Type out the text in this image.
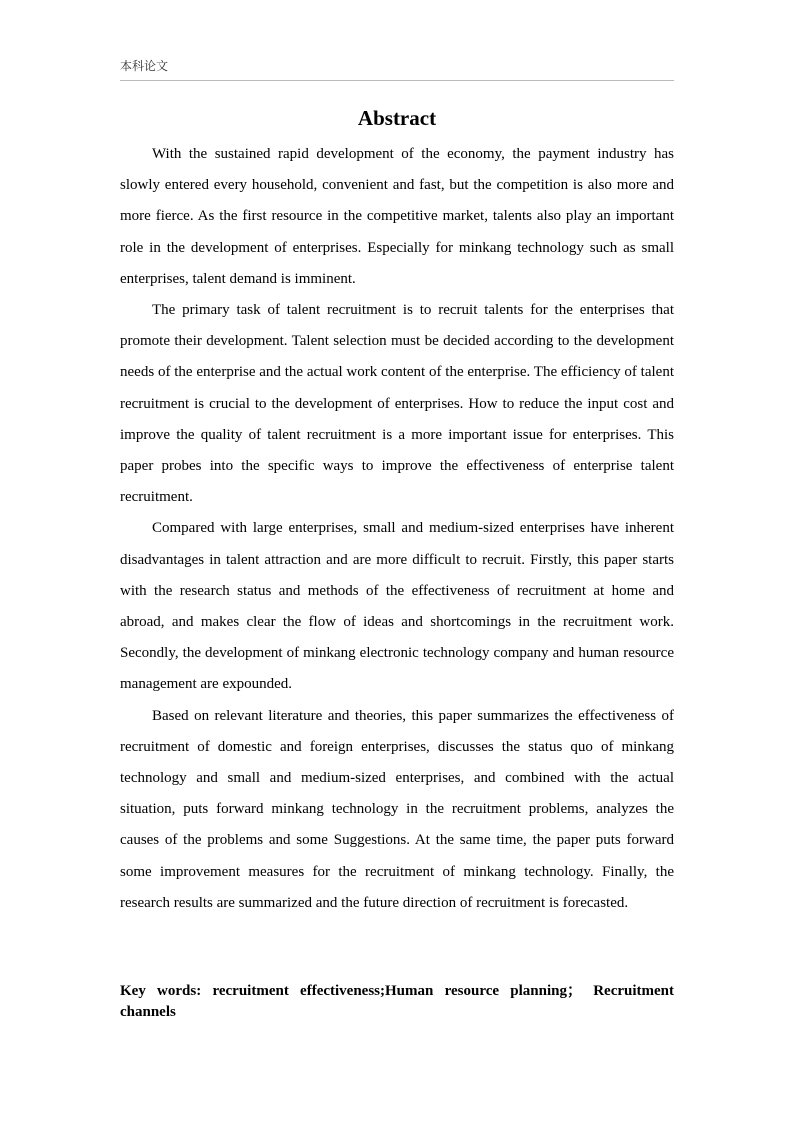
本科论文
Abstract

With the sustained rapid development of the economy, the payment industry has slowly entered every household, convenient and fast, but the competition is also more and more fierce. As the first resource in the competitive market, talents also play an important role in the development of enterprises. Especially for minkang technology such as small enterprises, talent demand is imminent.

The primary task of talent recruitment is to recruit talents for the enterprises that promote their development. Talent selection must be decided according to the development needs of the enterprise and the actual work content of the enterprise. The efficiency of talent recruitment is crucial to the development of enterprises. How to reduce the input cost and improve the quality of talent recruitment is a more important issue for enterprises. This paper probes into the specific ways to improve the effectiveness of enterprise talent recruitment.

Compared with large enterprises, small and medium-sized enterprises have inherent disadvantages in talent attraction and are more difficult to recruit. Firstly, this paper starts with the research status and methods of the effectiveness of recruitment at home and abroad, and makes clear the flow of ideas and shortcomings in the recruitment work. Secondly, the development of minkang electronic technology company and human resource management are expounded.

Based on relevant literature and theories, this paper summarizes the effectiveness of recruitment of domestic and foreign enterprises, discusses the status quo of minkang technology and small and medium-sized enterprises, and combined with the actual situation, puts forward minkang technology in the recruitment problems, analyzes the causes of the problems and some Suggestions. At the same time, the paper puts forward some improvement measures for the recruitment of minkang technology. Finally, the research results are summarized and the future direction of recruitment is forecasted.

Key words: recruitment effectiveness;Human resource planning； Recruitment channels
